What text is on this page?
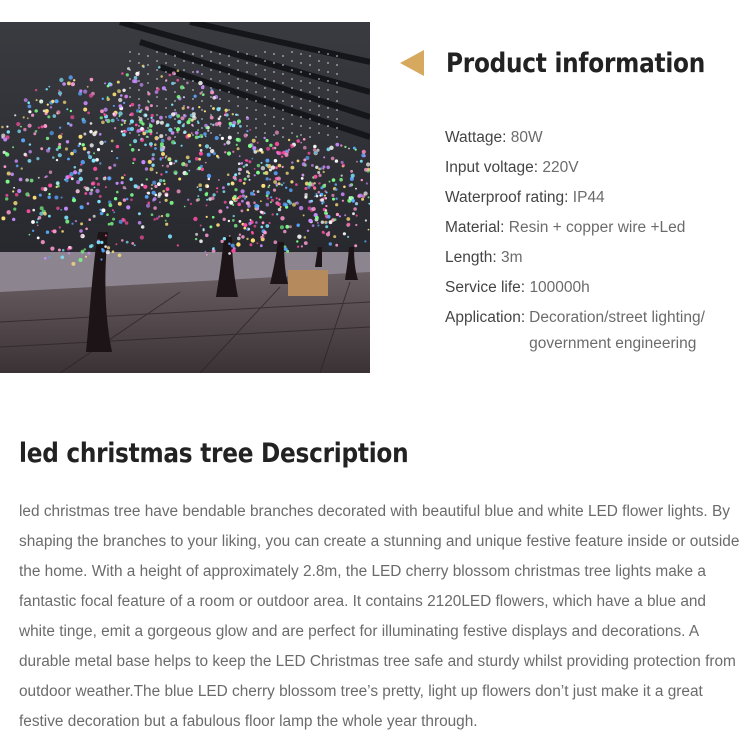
Product information
Wattage: 80W
Input voltage: 220V
Waterproof rating: IP44
Material: Resin + copper wire +Led
Length: 3m
Service life: 100000h
Application: Decoration/street lighting/ government engineering
led christmas tree Description
led christmas tree have bendable branches decorated with beautiful blue and white LED flower lights. By shaping the branches to your liking, you can create a stunning and unique festive feature inside or outside the home. With a height of approximately 2.8m, the LED cherry blossom christmas tree lights make a fantastic focal feature of a room or outdoor area. It contains 2120LED flowers, which have a blue and white tinge, emit a gorgeous glow and are perfect for illuminating festive displays and decorations. A durable metal base helps to keep the LED Christmas tree safe and sturdy whilst providing protection from outdoor weather.The blue LED cherry blossom tree’s pretty, light up flowers don’t just make it a great festive decoration but a fabulous floor lamp the whole year through.
